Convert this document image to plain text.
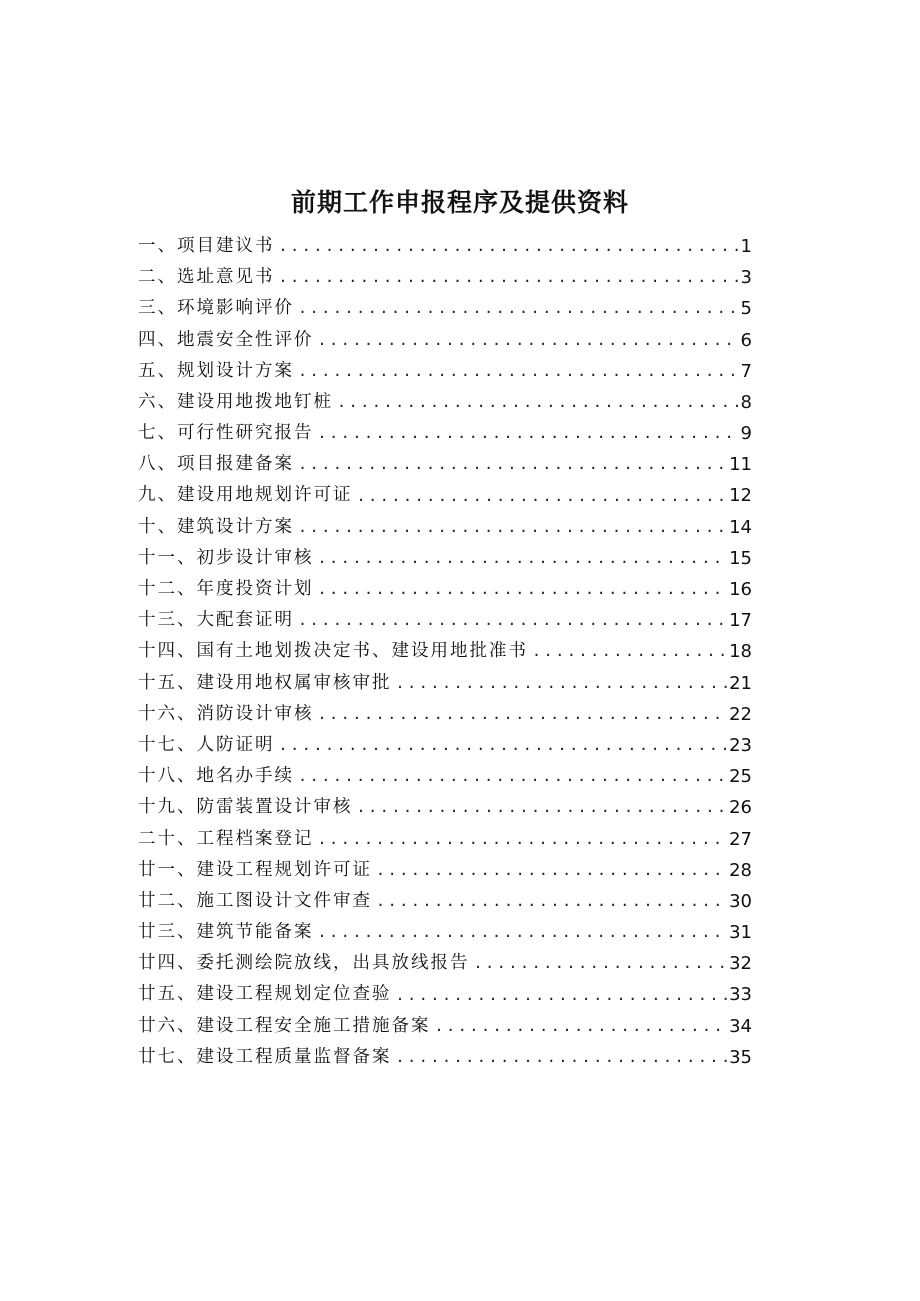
前期工作申报程序及提供资料
一、项目建议书 .....	1
二、选址意见书 .....	3
三、环境影响评价 .....	5
四、地震安全性评价 .....	6
五、规划设计方案 .....	7
六、建设用地拨地钉桩 .....	8
七、可行性研究报告 .....	9
八、项目报建备案 .....	11
九、建设用地规划许可证 .....	12
十、建筑设计方案 .....	14
十一、初步设计审核 .....	15
十二、年度投资计划 .....	16
十三、大配套证明 .....	17
十四、国有土地划拨决定书、建设用地批准书 .....	18
十五、建设用地权属审核审批 .....	21
十六、消防设计审核 .....	22
十七、人防证明 .....	23
十八、地名办手续 .....	25
十九、防雷装置设计审核 .....	26
二十、工程档案登记 .....	27
廿一、建设工程规划许可证 .....	28
廿二、施工图设计文件审查 .....	30
廿三、建筑节能备案 .....	31
廿四、委托测绘院放线，出具放线报告 .....	32
廿五、建设工程规划定位查验 .....	33
廿六、建设工程安全施工措施备案 .....	34
廿七、建设工程质量监督备案 .....	35
